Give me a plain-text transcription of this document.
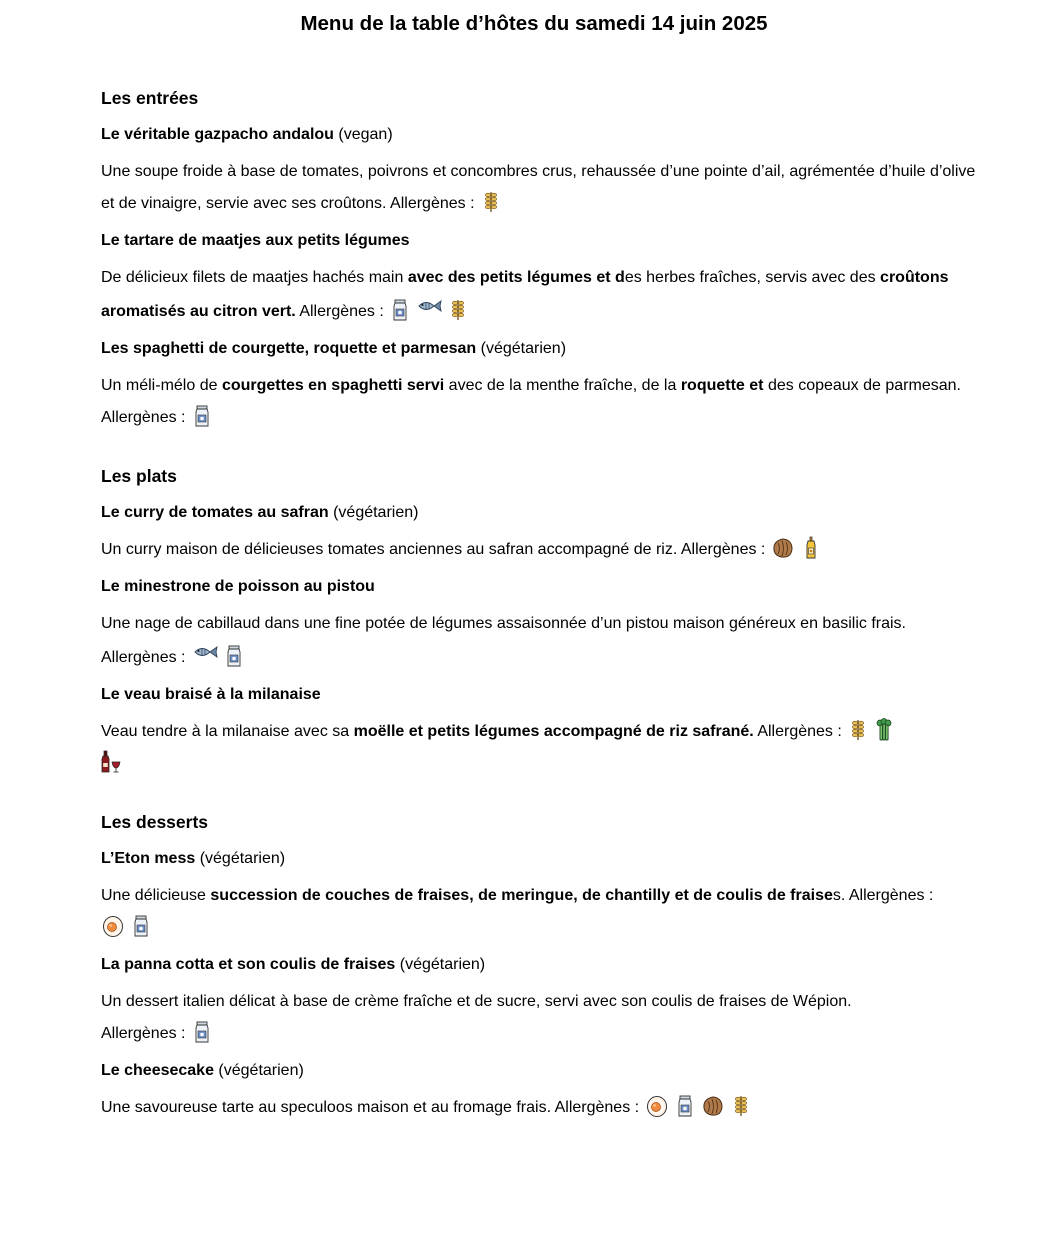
Menu de la table d’hôtes du samedi 14 juin 2025
Les entrées
Le véritable gazpacho andalou (vegan)
Une soupe froide à base de tomates, poivrons et concombres crus, rehaussée d’une pointe d’ail, agrémentée d’huile d’olive et de vinaigre, servie avec ses croûtons. Allergènes :
Le tartare de maatjes aux petits légumes
De délicieux filets de maatjes hachés main avec des petits légumes et des herbes fraîches, servis avec des croûtons aromatisés au citron vert. Allergènes :
Les spaghetti de courgette, roquette et parmesan (végétarien)
Un méli-mélo de courgettes en spaghetti servi avec de la menthe fraîche, de la roquette et des copeaux de parmesan. Allergènes :
Les plats
Le curry de tomates au safran (végétarien)
Un curry maison de délicieuses tomates anciennes au safran accompagné de riz. Allergènes :
Le minestrone de poisson au pistou
Une nage de cabillaud dans une fine potée de légumes assaisonnée d’un pistou maison généreux en basilic frais. Allergènes :
Le veau braisé à la milanaise
Veau tendre à la milanaise avec sa moëlle et petits légumes accompagné de riz safrané. Allergènes :

Les desserts
L’Eton mess (végétarien)
Une délicieuse succession de couches de fraises, de meringue, de chantilly et de coulis de fraises. Allergènes :

La panna cotta et son coulis de fraises (végétarien)
Un dessert italien délicat à base de crème fraîche et de sucre, servi avec son coulis de fraises de Wépion.
Allergènes :
Le cheesecake (végétarien)
Une savoureuse tarte au speculoos maison et au fromage frais. Allergènes :
